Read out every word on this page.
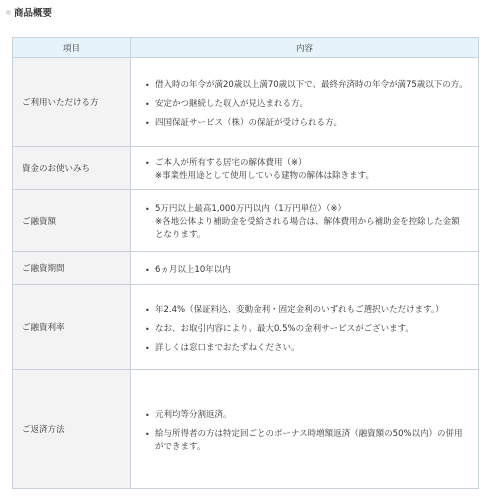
商品概要
項目	内容
ご利用いただける方
• 借入時の年令が満20歳以上満70歳以下で、最終弁済時の年令が満75歳以下の方。
• 安定かつ継続した収入が見込まれる方。
• 四国保証サービス（株）の保証が受けられる方。
資金のお使いみち
• ご本人が所有する居宅の解体費用（※）
※事業性用途として使用している建物の解体は除きます。
ご融資額
• 5万円以上最高1,000万円以内（1万円単位）（※）
※各地公体より補助金を受給される場合は、解体費用から補助金を控除した金額となります。
ご融資期間	• 6ヵ月以上10年以内
ご融資利率
• 年2.4%（保証料込、変動金利・固定金利のいずれもご選択いただけます。）
• なお、お取引内容により、最大0.5%の金利サービスがございます。
• 詳しくは窓口までおたずねください。
ご返済方法
• 元利均等分割返済。
• 給与所得者の方は特定回ごとのボーナス時増額返済（融資額の50%以内）の併用ができます。
